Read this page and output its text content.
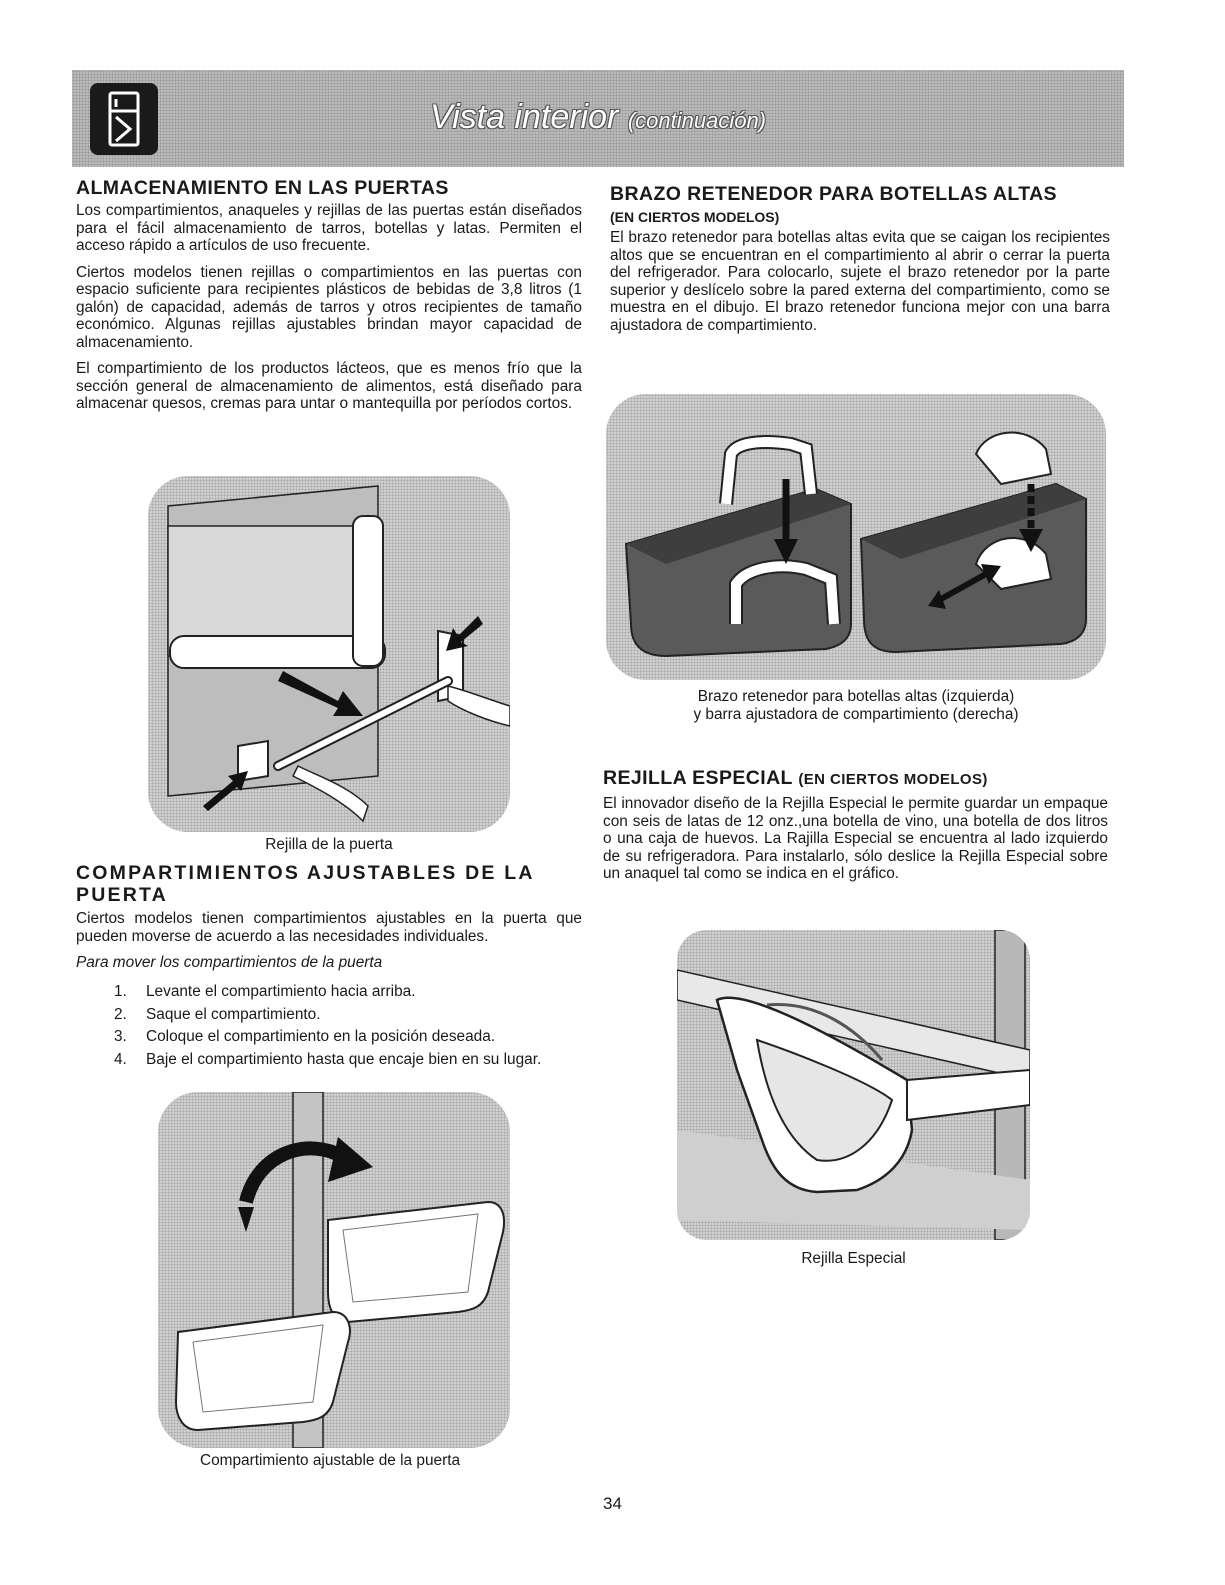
Vista interior (continuación)
ALMACENAMIENTO EN LAS PUERTAS

Los compartimientos, anaqueles y rejillas de las puertas están diseñados para el fácil almacenamiento de tarros, botellas y latas. Permiten el acceso rápido a artículos de uso frecuente.

Ciertos modelos tienen rejillas o compartimientos en las puertas con espacio suficiente para recipientes plásticos de bebidas de 3,8 litros (1 galón) de capacidad, además de tarros y otros recipientes de tamaño económico. Algunas rejillas ajustables brindan mayor capacidad de almacenamiento.

El compartimiento de los productos lácteos, que es menos frío que la sección general de almacenamiento de alimentos, está diseñado para almacenar quesos, cremas para untar o mantequilla por períodos cortos.

Rejilla de la puerta
COMPARTIMIENTOS AJUSTABLES DE LA PUERTA

Ciertos modelos tienen compartimientos ajustables en la puerta que pueden moverse de acuerdo a las necesidades individuales.

Para mover los compartimientos de la puerta
1. Levante el compartimiento hacia arriba.
2. Saque el compartimiento.
3. Coloque el compartimiento en la posición deseada.
4. Baje el compartimiento hasta que encaje bien en su lugar.
Compartimiento ajustable de la puerta
BRAZO RETENEDOR PARA BOTELLAS ALTAS
(EN CIERTOS MODELOS)

El brazo retenedor para botellas altas evita que se caigan los recipientes altos que se encuentran en el compartimiento al abrir o cerrar la puerta del refrigerador. Para colocarlo, sujete el brazo retenedor por la parte superior y deslícelo sobre la pared externa del compartimiento, como se muestra en el dibujo. El brazo retenedor funciona mejor con una barra ajustadora de compartimiento.

Brazo retenedor para botellas altas (izquierda)
y barra ajustadora de compartimiento (derecha)
REJILLA ESPECIAL (EN CIERTOS MODELOS)

El innovador diseño de la Rejilla Especial le permite guardar un empaque con seis de latas de 12 onz.,una botella de vino, una botella de dos litros o una caja de huevos. La Rajilla Especial se encuentra al lado izquierdo de su refrigeradora. Para instalarlo, sólo deslice la Rejilla Especial sobre un anaquel tal como se indica en el gráfico.

Rejilla Especial
34
